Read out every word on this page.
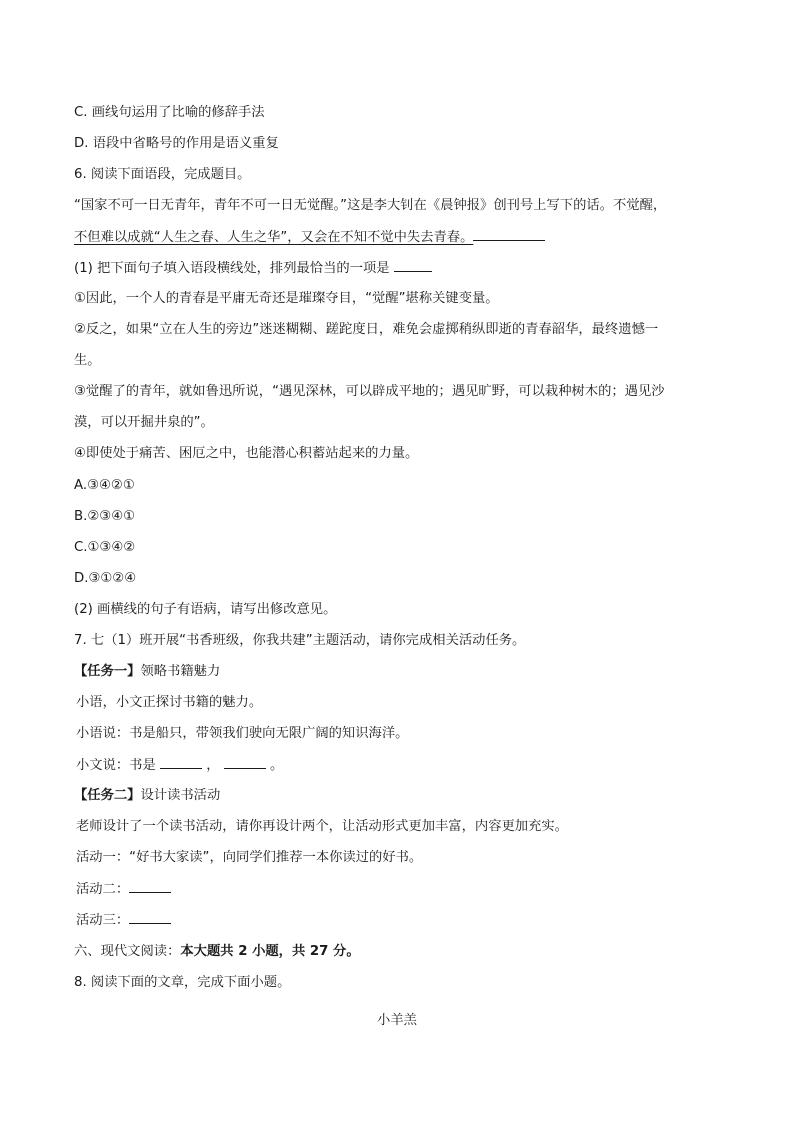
C. 画线句运用了比喻的修辞手法
D. 语段中省略号的作用是语义重复
6. 阅读下面语段，完成题目。
“国家不可一日无青年，青年不可一日无觉醒。”这是李大钊在《晨钟报》创刊号上写下的话。不觉醒，
不但难以成就“人生之春、人生之华”，又会在不知不觉中失去青春。
(1) 把下面句子填入语段横线处，排列最恰当的一项是
①因此，一个人的青春是平庸无奇还是璀璨夺目，“觉醒”堪称关键变量。
②反之，如果“立在人生的旁边”迷迷糊糊、蹉跎度日，难免会虚掷稍纵即逝的青春韶华，最终遗憾一
生。
③觉醒了的青年，就如鲁迅所说，“遇见深林，可以辟成平地的；遇见旷野，可以栽种树木的；遇见沙
漠，可以开掘井泉的”。
④即使处于痛苦、困厄之中，也能潜心积蓄站起来的力量。
A.③④②①
B.②③④①
C.①③④②
D.③①②④
(2) 画横线的句子有语病，请写出修改意见。
7. 七（1）班开展“书香班级，你我共建”主题活动，请你完成相关活动任务。
【任务一】领略书籍魅力
小语，小文正探讨书籍的魅力。
小语说：书是船只，带领我们驶向无限广阔的知识海洋。
小文说：书是	，	。
【任务二】设计读书活动
老师设计了一个读书活动，请你再设计两个，让活动形式更加丰富，内容更加充实。
活动一：“好书大家读”，向同学们推荐一本你读过的好书。
活动二：
活动三：
六、现代文阅读：本大题共 2 小题，共 27 分。
8. 阅读下面的文章，完成下面小题。
小羊羔
